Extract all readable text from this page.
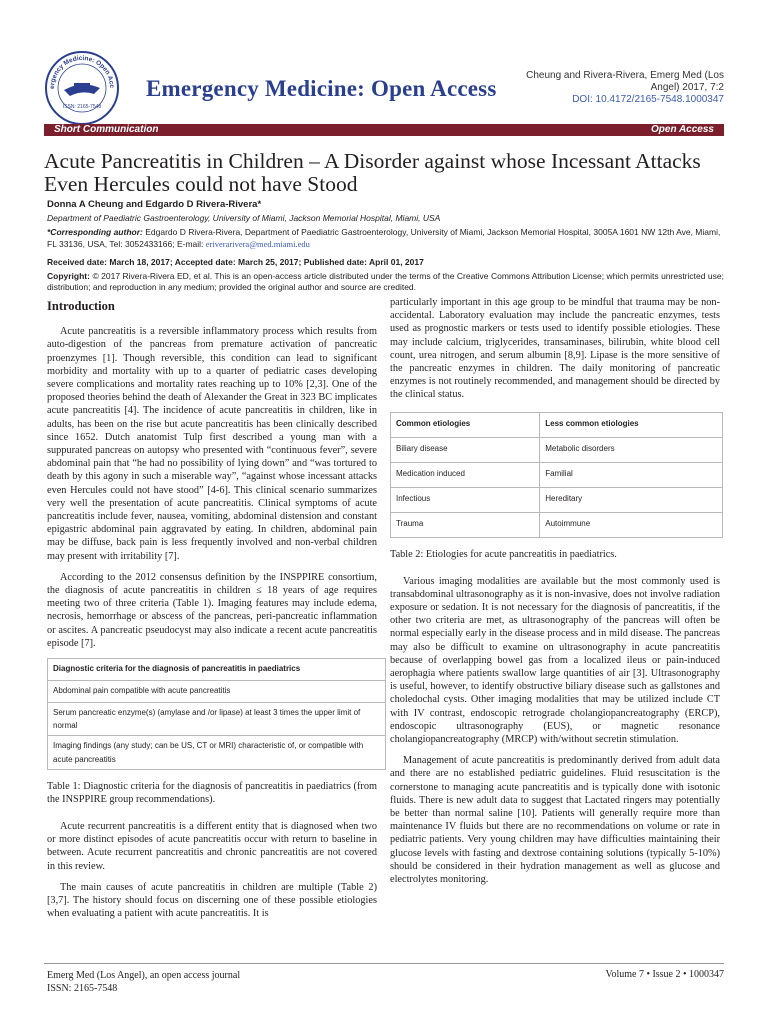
ergency Medicine: Open Acc
ISSN: 2165-7548
Emergency Medicine: Open Access
Cheung and Rivera-Rivera, Emerg Med (Los Angel) 2017, 7:2
DOI: 10.4172/2165-7548.1000347
Short Communication	Open Access
Acute Pancreatitis in Children – A Disorder against whose Incessant Attacks Even Hercules could not have Stood
Donna A Cheung and Edgardo D Rivera-Rivera*
Department of Paediatric Gastroenterology, University of Miami, Jackson Memorial Hospital, Miami, USA
*Corresponding author: Edgardo D Rivera-Rivera, Department of Paediatric Gastroenterology, University of Miami, Jackson Memorial Hospital, 3005A 1601 NW 12th Ave, Miami, FL 33136, USA, Tel: 3052433166; E-mail: eriverarivera@med.miami.edu
Received date: March 18, 2017; Accepted date: March 25, 2017; Published date: April 01, 2017
Copyright: © 2017 Rivera-Rivera ED, et al. This is an open-access article distributed under the terms of the Creative Commons Attribution License; which permits unrestricted use; distribution; and reproduction in any medium; provided the original author and source are credited.
Introduction

Acute pancreatitis is a reversible inflammatory process which results from auto-digestion of the pancreas from premature activation of pancreatic proenzymes [1]. Though reversible, this condition can lead to significant morbidity and mortality with up to a quarter of pediatric cases developing severe complications and mortality rates reaching up to 10% [2,3]. One of the proposed theories behind the death of Alexander the Great in 323 BC implicates acute pancreatitis [4]. The incidence of acute pancreatitis in children, like in adults, has been on the rise but acute pancreatitis has been clinically described since 1652. Dutch anatomist Tulp first described a young man with a suppurated pancreas on autopsy who presented with “continuous fever”, severe abdominal pain that “he had no possibility of lying down” and “was tortured to death by this agony in such a miserable way”, “against whose incessant attacks even Hercules could not have stood” [4-6]. This clinical scenario summarizes very well the presentation of acute pancreatitis. Clinical symptoms of acute pancreatitis include fever, nausea, vomiting, abdominal distension and constant epigastric abdominal pain aggravated by eating. In children, abdominal pain may be diffuse, back pain is less frequently involved and non-verbal children may present with irritability [7].

According to the 2012 consensus definition by the INSPPIRE consortium, the diagnosis of acute pancreatitis in children ≤ 18 years of age requires meeting two of three criteria (Table 1). Imaging features may include edema, necrosis, hemorrhage or abscess of the pancreas, peri-pancreatic inflammation or ascites. A pancreatic pseudocyst may also indicate a recent acute pancreatitis episode [7].

Diagnostic criteria for the diagnosis of pancreatitis in paediatrics
Abdominal pain compatible with acute pancreatitis
Serum pancreatic enzyme(s) (amylase and /or lipase) at least 3 times the upper limit of normal
Imaging findings (any study; can be US, CT or MRI) characteristic of, or compatible with acute pancreatitis
Table 1: Diagnostic criteria for the diagnosis of pancreatitis in paediatrics (from the INSPPIRE group recommendations).

Acute recurrent pancreatitis is a different entity that is diagnosed when two or more distinct episodes of acute pancreatitis occur with return to baseline in between. Acute recurrent pancreatitis and chronic pancreatitis are not covered in this review.

The main causes of acute pancreatitis in children are multiple (Table 2) [3,7]. The history should focus on discerning one of these possible etiologies when evaluating a patient with acute pancreatitis. It is

particularly important in this age group to be mindful that trauma may be non-accidental. Laboratory evaluation may include the pancreatic enzymes, tests used as prognostic markers or tests used to identify possible etiologies. These may include calcium, triglycerides, transaminases, bilirubin, white blood cell count, urea nitrogen, and serum albumin [8,9]. Lipase is the more sensitive of the pancreatic enzymes in children. The daily monitoring of pancreatic enzymes is not routinely recommended, and management should be directed by the clinical status.

Common etiologies	Less common etiologies
Biliary disease	Metabolic disorders
Medication induced	Familial
Infectious	Hereditary
Trauma	Autoimmune
Table 2: Etiologies for acute pancreatitis in paediatrics.

Various imaging modalities are available but the most commonly used is transabdominal ultrasonography as it is non-invasive, does not involve radiation exposure or sedation. It is not necessary for the diagnosis of pancreatitis, if the other two criteria are met, as ultrasonography of the pancreas will often be normal especially early in the disease process and in mild disease. The pancreas may also be difficult to examine on ultrasonography in acute pancreatitis because of overlapping bowel gas from a localized ileus or pain-induced aerophagia where patients swallow large quantities of air [3]. Ultrasonography is useful, however, to identify obstructive biliary disease such as gallstones and choledochal cysts. Other imaging modalities that may be utilized include CT with IV contrast, endoscopic retrograde cholangiopancreatography (ERCP), endoscopic ultrasonography (EUS), or magnetic resonance cholangiopancreatography (MRCP) with/without secretin stimulation.

Management of acute pancreatitis is predominantly derived from adult data and there are no established pediatric guidelines. Fluid resuscitation is the cornerstone to managing acute pancreatitis and is typically done with isotonic fluids. There is new adult data to suggest that Lactated ringers may potentially be better than normal saline [10]. Patients will generally require more than maintenance IV fluids but there are no recommendations on volume or rate in pediatric patients. Very young children may have difficulties maintaining their glucose levels with fasting and dextrose containing solutions (typically 5-10%) should be considered in their hydration management as well as glucose and electrolytes monitoring.

Emerg Med (Los Angel), an open access journal
ISSN: 2165-7548
Volume 7 • Issue 2 • 1000347
